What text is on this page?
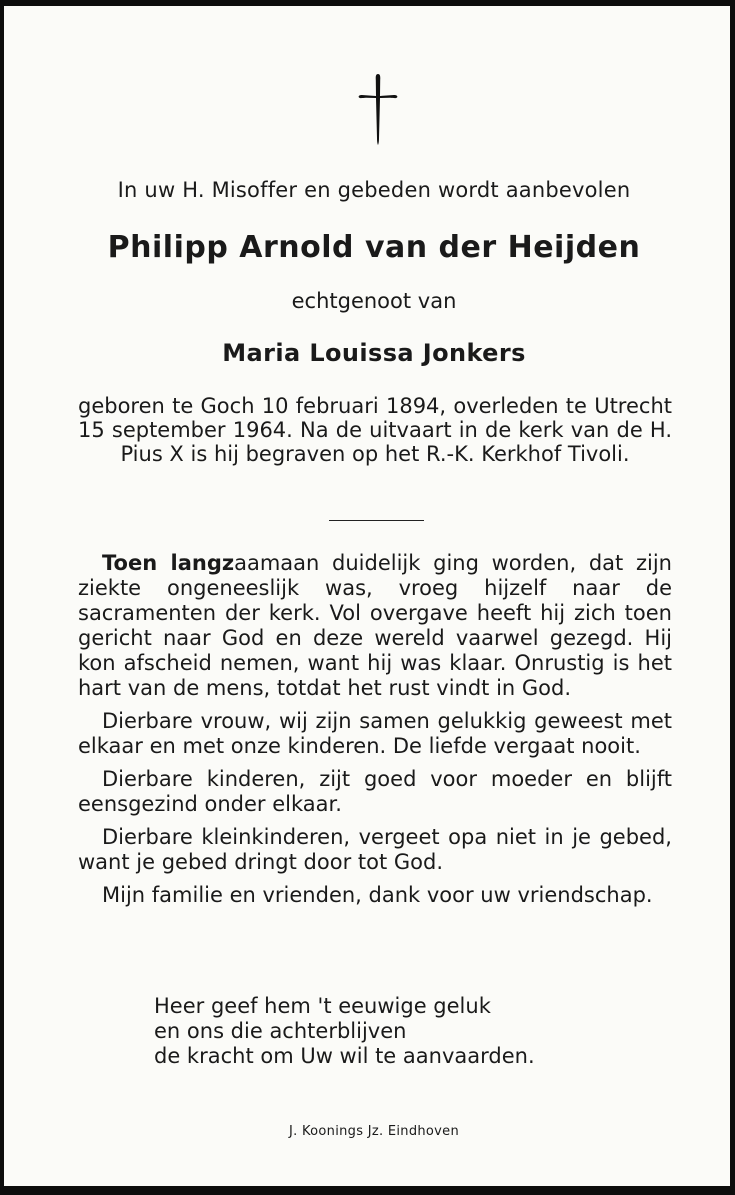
In uw H. Misoffer en gebeden wordt aanbevolen
Philipp Arnold van der Heijden
echtgenoot van
Maria Louissa Jonkers
geboren te Goch 10 februari 1894, overleden te Utrecht 15 september 1964. Na de uitvaart in de kerk van de H. Pius X is hij begraven op het R.-K. Kerkhof Tivoli.

Toen langzaamaan duidelijk ging worden, dat zijn ziekte ongeneeslijk was, vroeg hijzelf naar de sacramenten der kerk. Vol overgave heeft hij zich toen gericht naar God en deze wereld vaarwel gezegd. Hij kon afscheid nemen, want hij was klaar. Onrustig is het hart van de mens, totdat het rust vindt in God.

Dierbare vrouw, wij zijn samen gelukkig geweest met elkaar en met onze kinderen. De liefde vergaat nooit.

Dierbare kinderen, zijt goed voor moeder en blijft eensgezind onder elkaar.

Dierbare kleinkinderen, vergeet opa niet in je gebed, want je gebed dringt door tot God.

Mijn familie en vrienden, dank voor uw vriendschap.

Heer geef hem 't eeuwige geluk
en ons die achterblijven
de kracht om Uw wil te aanvaarden.
J. Koonings Jz. Eindhoven
